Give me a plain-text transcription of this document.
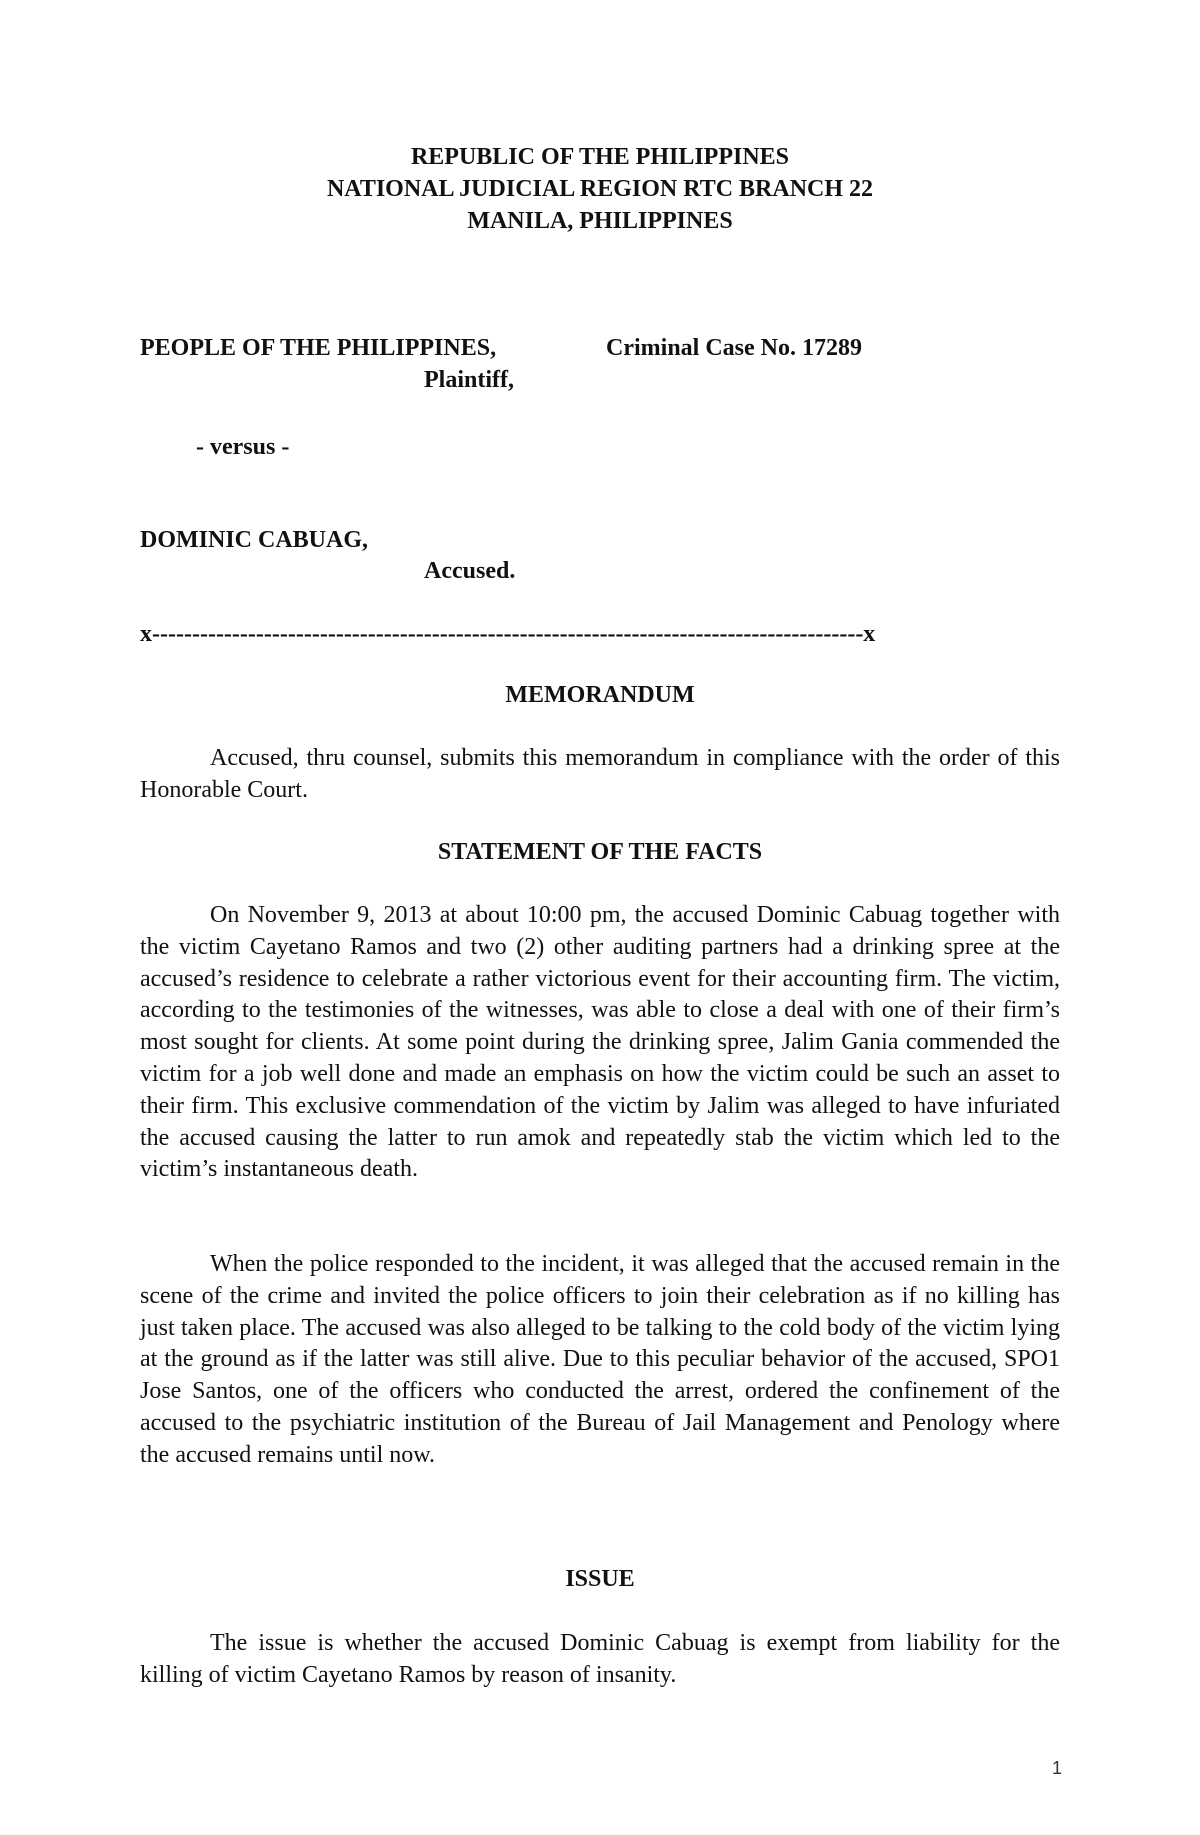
REPUBLIC OF THE PHILIPPINES
NATIONAL JUDICIAL REGION RTC BRANCH 22
MANILA, PHILIPPINES
PEOPLE OF THE PHILIPPINES,	Criminal Case No. 17289
Plaintiff,
- versus -
DOMINIC CABUAG,
Accused.
x-----------------------------------------------------------------------------------------x
MEMORANDUM

Accused, thru counsel, submits this memorandum in compliance with the order of this Honorable Court.

STATEMENT OF THE FACTS

On November 9, 2013 at about 10:00 pm, the accused Dominic Cabuag together with the victim Cayetano Ramos and two (2) other auditing partners had a drinking spree at the accused’s residence to celebrate a rather victorious event for their accounting firm. The victim, according to the testimonies of the witnesses, was able to close a deal with one of their firm’s most sought for clients. At some point during the drinking spree, Jalim Gania commended the victim for a job well done and made an emphasis on how the victim could be such an asset to their firm. This exclusive commendation of the victim by Jalim was alleged to have infuriated the accused causing the latter to run amok and repeatedly stab the victim which led to the victim’s instantaneous death.

When the police responded to the incident, it was alleged that the accused remain in the scene of the crime and invited the police officers to join their celebration as if no killing has just taken place. The accused was also alleged to be talking to the cold body of the victim lying at the ground as if the latter was still alive. Due to this peculiar behavior of the accused, SPO1 Jose Santos, one of the officers who conducted the arrest, ordered the confinement of the accused to the psychiatric institution of the Bureau of Jail Management and Penology where the accused remains until now.

ISSUE

The issue is whether the accused Dominic Cabuag is exempt from liability for the killing of victim Cayetano Ramos by reason of insanity.

1
